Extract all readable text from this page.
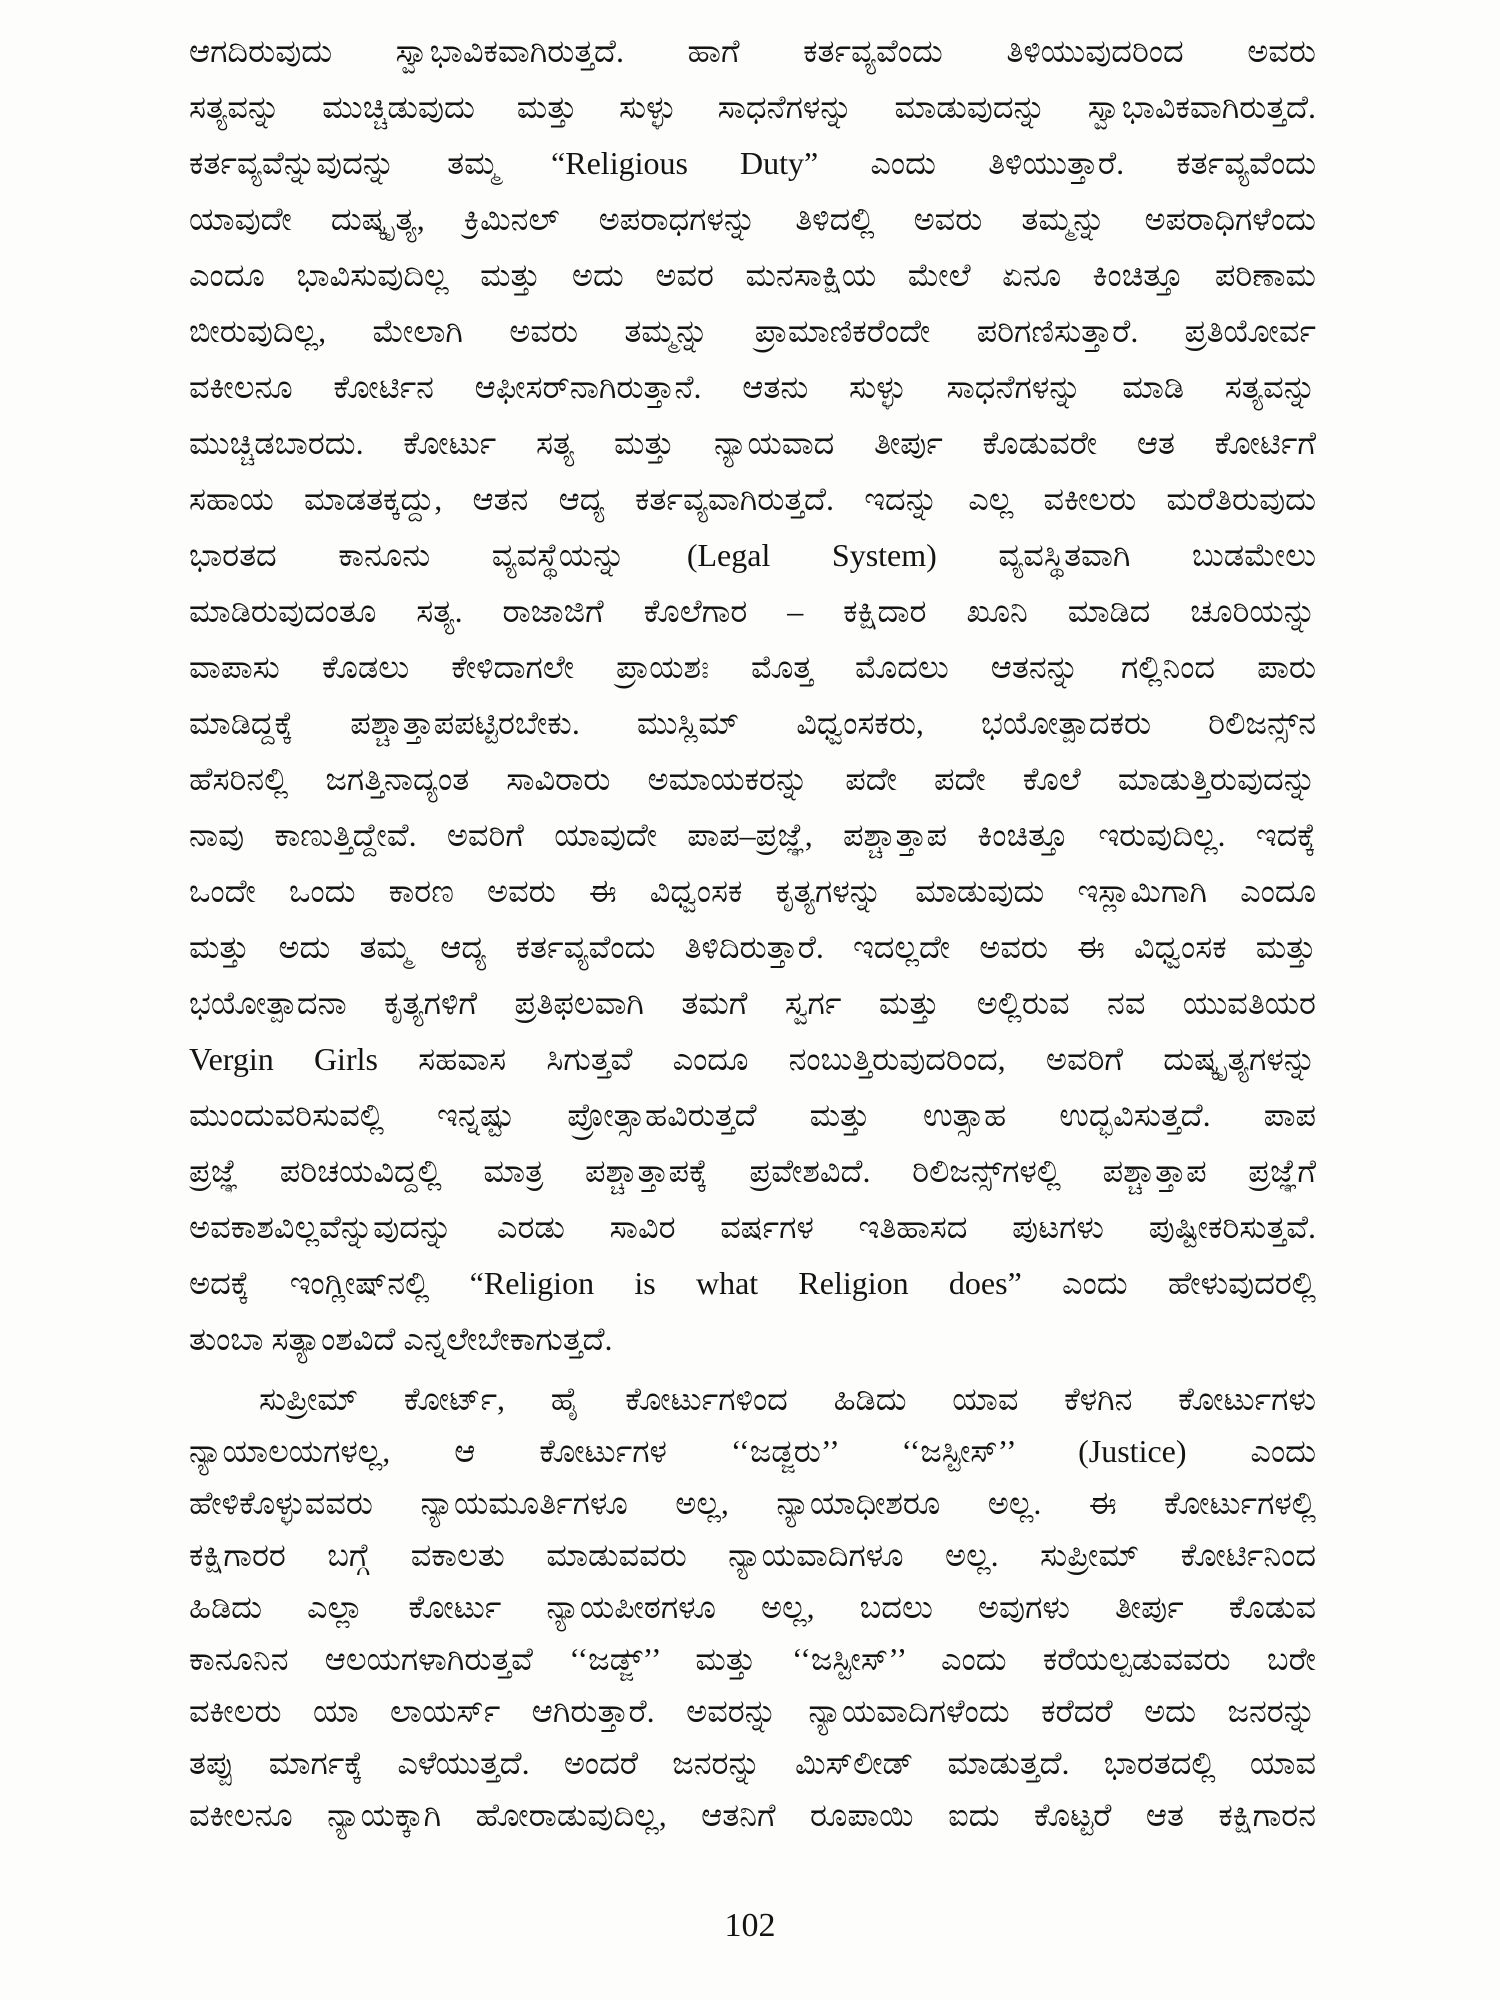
ಆಗದಿರುವುದು ಸ್ವಾಭಾವಿಕವಾಗಿರುತ್ತದೆ. ಹಾಗೆ ಕರ್ತವ್ಯವೆಂದು ತಿಳಿಯುವುದರಿಂದ ಅವರು
ಸತ್ಯವನ್ನು ಮುಚ್ಚಿಡುವುದು ಮತ್ತು ಸುಳ್ಳು ಸಾಧನೆಗಳನ್ನು ಮಾಡುವುದನ್ನು ಸ್ವಾಭಾವಿಕವಾಗಿರುತ್ತದೆ.
ಕರ್ತವ್ಯವೆನ್ನುವುದನ್ನು ತಮ್ಮ “Religious Duty” ಎಂದು ತಿಳಿಯುತ್ತಾರೆ. ಕರ್ತವ್ಯವೆಂದು
ಯಾವುದೇ ದುಷ್ಕೃತ್ಯ, ಕ್ರಿಮಿನಲ್ ಅಪರಾಧಗಳನ್ನು ತಿಳಿದಲ್ಲಿ ಅವರು ತಮ್ಮನ್ನು ಅಪರಾಧಿಗಳೆಂದು
ಎಂದೂ ಭಾವಿಸುವುದಿಲ್ಲ ಮತ್ತು ಅದು ಅವರ ಮನಸಾಕ್ಷಿಯ ಮೇಲೆ ಏನೂ ಕಿಂಚಿತ್ತೂ ಪರಿಣಾಮ
ಬೀರುವುದಿಲ್ಲ, ಮೇಲಾಗಿ ಅವರು ತಮ್ಮನ್ನು ಪ್ರಾಮಾಣಿಕರೆಂದೇ ಪರಿಗಣಿಸುತ್ತಾರೆ. ಪ್ರತಿಯೋರ್ವ
ವಕೀಲನೂ ಕೋರ್ಟಿನ ಆಫೀಸರ್‌ನಾಗಿರುತ್ತಾನೆ. ಆತನು ಸುಳ್ಳು ಸಾಧನೆಗಳನ್ನು ಮಾಡಿ ಸತ್ಯವನ್ನು
ಮುಚ್ಚಿಡಬಾರದು. ಕೋರ್ಟು ಸತ್ಯ ಮತ್ತು ನ್ಯಾಯವಾದ ತೀರ್ಪು ಕೊಡುವರೇ ಆತ ಕೋರ್ಟಿಗೆ
ಸಹಾಯ ಮಾಡತಕ್ಕದ್ದು, ಆತನ ಆದ್ಯ ಕರ್ತವ್ಯವಾಗಿರುತ್ತದೆ. ಇದನ್ನು ಎಲ್ಲ ವಕೀಲರು ಮರೆತಿರುವುದು
ಭಾರತದ ಕಾನೂನು ವ್ಯವಸ್ಥೆಯನ್ನು (Legal System) ವ್ಯವಸ್ಥಿತವಾಗಿ ಬುಡಮೇಲು
ಮಾಡಿರುವುದಂತೂ ಸತ್ಯ. ರಾಜಾಜಿಗೆ ಕೊಲೆಗಾರ – ಕಕ್ಷಿದಾರ ಖೂನಿ ಮಾಡಿದ ಚೂರಿಯನ್ನು
ವಾಪಾಸು ಕೊಡಲು ಕೇಳಿದಾಗಲೇ ಪ್ರಾಯಶಃ ಮೊತ್ತ ಮೊದಲು ಆತನನ್ನು ಗಲ್ಲಿನಿಂದ ಪಾರು
ಮಾಡಿದ್ದಕ್ಕೆ ಪಶ್ಚಾತ್ತಾಪಪಟ್ಟಿರಬೇಕು. ಮುಸ್ಲಿಮ್ ವಿಧ್ವಂಸಕರು, ಭಯೋತ್ಪಾದಕರು ರಿಲಿಜನ್ಸ್‌ನ
ಹೆಸರಿನಲ್ಲಿ ಜಗತ್ತಿನಾದ್ಯಂತ ಸಾವಿರಾರು ಅಮಾಯಕರನ್ನು ಪದೇ ಪದೇ ಕೊಲೆ ಮಾಡುತ್ತಿರುವುದನ್ನು
ನಾವು ಕಾಣುತ್ತಿದ್ದೇವೆ. ಅವರಿಗೆ ಯಾವುದೇ ಪಾಪ–ಪ್ರಜ್ಞೆ, ಪಶ್ಚಾತ್ತಾಪ ಕಿಂಚಿತ್ತೂ ಇರುವುದಿಲ್ಲ. ಇದಕ್ಕೆ
ಒಂದೇ ಒಂದು ಕಾರಣ ಅವರು ಈ ವಿಧ್ವಂಸಕ ಕೃತ್ಯಗಳನ್ನು ಮಾಡುವುದು ಇಸ್ಲಾಮಿಗಾಗಿ ಎಂದೂ
ಮತ್ತು ಅದು ತಮ್ಮ ಆದ್ಯ ಕರ್ತವ್ಯವೆಂದು ತಿಳಿದಿರುತ್ತಾರೆ. ಇದಲ್ಲದೇ ಅವರು ಈ ವಿಧ್ವಂಸಕ ಮತ್ತು
ಭಯೋತ್ಪಾದನಾ ಕೃತ್ಯಗಳಿಗೆ ಪ್ರತಿಫಲವಾಗಿ ತಮಗೆ ಸ್ವರ್ಗ ಮತ್ತು ಅಲ್ಲಿರುವ ನವ ಯುವತಿಯರ
Vergin Girls ಸಹವಾಸ ಸಿಗುತ್ತವೆ ಎಂದೂ ನಂಬುತ್ತಿರುವುದರಿಂದ, ಅವರಿಗೆ ದುಷ್ಕೃತ್ಯಗಳನ್ನು
ಮುಂದುವರಿಸುವಲ್ಲಿ ಇನ್ನಷ್ಟು ಪ್ರೋತ್ಸಾಹವಿರುತ್ತದೆ ಮತ್ತು ಉತ್ಸಾಹ ಉದ್ಭವಿಸುತ್ತದೆ. ಪಾಪ
ಪ್ರಜ್ಞೆ ಪರಿಚಯವಿದ್ದಲ್ಲಿ ಮಾತ್ರ ಪಶ್ಚಾತ್ತಾಪಕ್ಕೆ ಪ್ರವೇಶವಿದೆ. ರಿಲಿಜನ್ಸ್‌ಗಳಲ್ಲಿ ಪಶ್ಚಾತ್ತಾಪ ಪ್ರಜ್ಞೆಗೆ
ಅವಕಾಶವಿಲ್ಲವೆನ್ನುವುದನ್ನು ಎರಡು ಸಾವಿರ ವರ್ಷಗಳ ಇತಿಹಾಸದ ಪುಟಗಳು ಪುಷ್ಟೀಕರಿಸುತ್ತವೆ.
ಅದಕ್ಕೆ ಇಂಗ್ಲೀಷ್‌ನಲ್ಲಿ “Religion is what Religion does” ಎಂದು ಹೇಳುವುದರಲ್ಲಿ
ತುಂಬಾ ಸತ್ಯಾಂಶವಿದೆ ಎನ್ನಲೇಬೇಕಾಗುತ್ತದೆ.
ಸುಪ್ರೀಮ್ ಕೋರ್ಟ್, ಹೈ ಕೋರ್ಟುಗಳಿಂದ ಹಿಡಿದು ಯಾವ ಕೆಳಗಿನ ಕೋರ್ಟುಗಳು
ನ್ಯಾಯಾಲಯಗಳಲ್ಲ, ಆ ಕೋರ್ಟುಗಳ ‘‘ಜಡ್ಜರು’’ ‘‘ಜಸ್ಟೀಸ್’’ (Justice) ಎಂದು
ಹೇಳಿಕೊಳ್ಳುವವರು ನ್ಯಾಯಮೂರ್ತಿಗಳೂ ಅಲ್ಲ, ನ್ಯಾಯಾಧೀಶರೂ ಅಲ್ಲ. ಈ ಕೋರ್ಟುಗಳಲ್ಲಿ
ಕಕ್ಷಿಗಾರರ ಬಗ್ಗೆ ವಕಾಲತು ಮಾಡುವವರು ನ್ಯಾಯವಾದಿಗಳೂ ಅಲ್ಲ. ಸುಪ್ರೀಮ್ ಕೋರ್ಟಿನಿಂದ
ಹಿಡಿದು ಎಲ್ಲಾ ಕೋರ್ಟು ನ್ಯಾಯಪೀಠಗಳೂ ಅಲ್ಲ, ಬದಲು ಅವುಗಳು ತೀರ್ಪು ಕೊಡುವ
ಕಾನೂನಿನ ಆಲಯಗಳಾಗಿರುತ್ತವೆ ‘‘ಜಡ್ಜ್’’ ಮತ್ತು ‘‘ಜಸ್ಟೀಸ್’’ ಎಂದು ಕರೆಯಲ್ಪಡುವವರು ಬರೇ
ವಕೀಲರು ಯಾ ಲಾಯರ್ಸ್ ಆಗಿರುತ್ತಾರೆ. ಅವರನ್ನು ನ್ಯಾಯವಾದಿಗಳೆಂದು ಕರೆದರೆ ಅದು ಜನರನ್ನು
ತಪ್ಪು ಮಾರ್ಗಕ್ಕೆ ಎಳೆಯುತ್ತದೆ. ಅಂದರೆ ಜನರನ್ನು ಮಿಸ್‌ಲೀಡ್ ಮಾಡುತ್ತದೆ. ಭಾರತದಲ್ಲಿ ಯಾವ
ವಕೀಲನೂ ನ್ಯಾಯಕ್ಕಾಗಿ ಹೋರಾಡುವುದಿಲ್ಲ, ಆತನಿಗೆ ರೂಪಾಯಿ ಐದು ಕೊಟ್ಟರೆ ಆತ ಕಕ್ಷಿಗಾರನ
102
